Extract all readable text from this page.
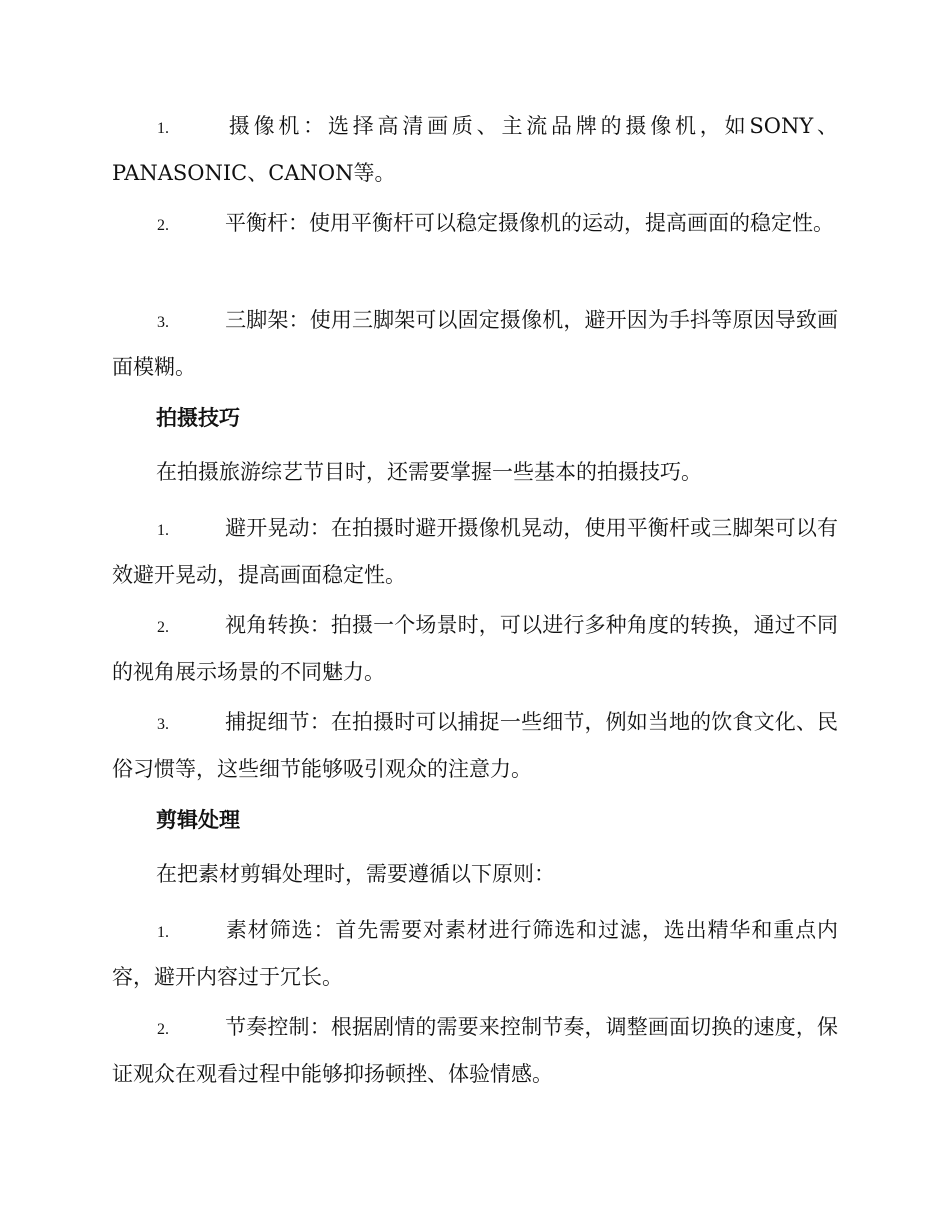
1.	摄像机：选择高清画质、主流品牌的摄像机，如SONY、PANASONIC、CANON等。

2.	平衡杆：使用平衡杆可以稳定摄像机的运动，提高画面的稳定性。

3.	三脚架：使用三脚架可以固定摄像机，避开因为手抖等原因导致画面模糊。

拍摄技巧

在拍摄旅游综艺节目时，还需要掌握一些基本的拍摄技巧。

1.	避开晃动：在拍摄时避开摄像机晃动，使用平衡杆或三脚架可以有效避开晃动，提高画面稳定性。

2.	视角转换：拍摄一个场景时，可以进行多种角度的转换，通过不同的视角展示场景的不同魅力。

3.	捕捉细节：在拍摄时可以捕捉一些细节，例如当地的饮食文化、民俗习惯等，这些细节能够吸引观众的注意力。

剪辑处理

在把素材剪辑处理时，需要遵循以下原则：

1.	素材筛选：首先需要对素材进行筛选和过滤，选出精华和重点内容，避开内容过于冗长。

2.	节奏控制：根据剧情的需要来控制节奏，调整画面切换的速度，保证观众在观看过程中能够抑扬顿挫、体验情感。
